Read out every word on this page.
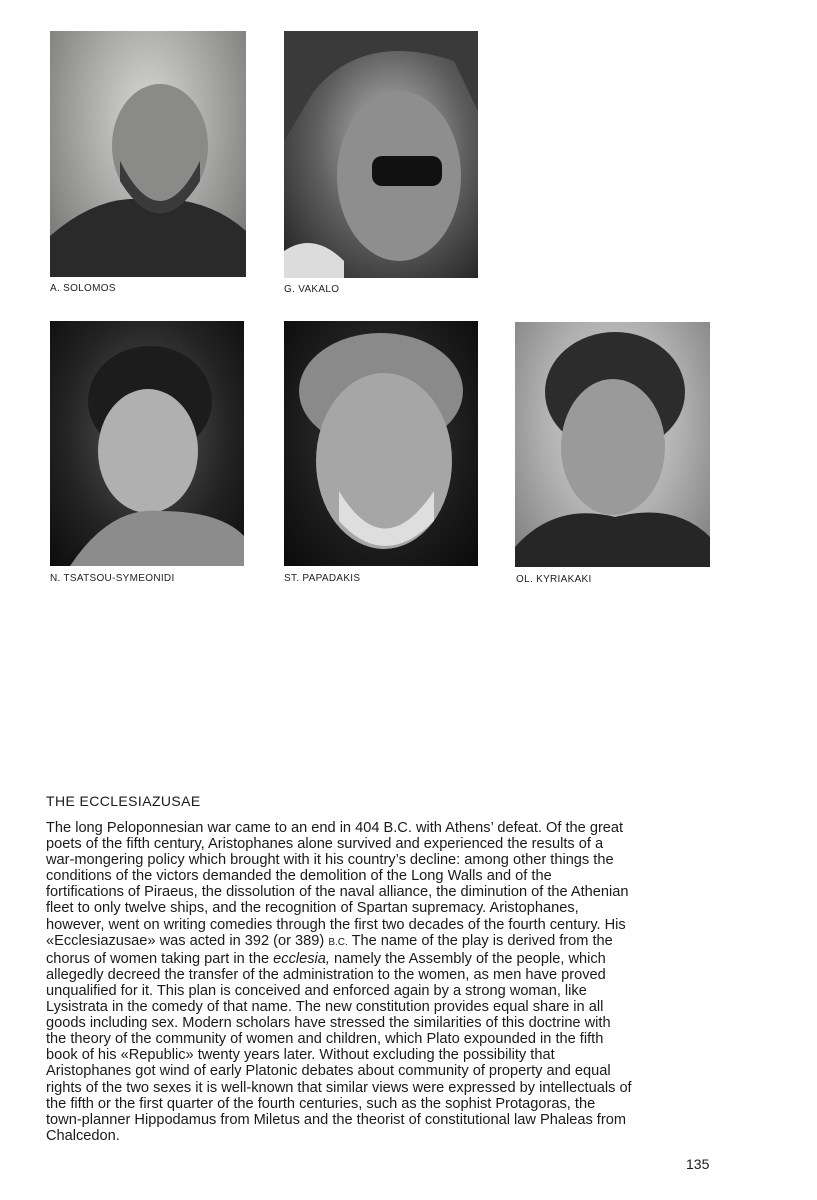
A. SOLOMOS	G. VAKALO
N. TSATSOU-SYMEONIDI	ST. PAPADAKIS	OL. KYRIAKAKI
THE ECCLESIAZUSAE

The long Peloponnesian war came to an end in 404 B.C. with Athens’ defeat. Of the great
poets of the fifth century, Aristophanes alone survived and experienced the results of a
war-mongering policy which brought with it his country’s decline: among other things the
conditions of the victors demanded the demolition of the Long Walls and of the
fortifications of Piraeus, the dissolution of the naval alliance, the diminution of the Athenian
fleet to only twelve ships, and the recognition of Spartan supremacy. Aristophanes,
however, went on writing comedies through the first two decades of the fourth century. His
«Ecclesiazusae» was acted in 392 (or 389) B.C. The name of the play is derived from the
chorus of women taking part in the ecclesia, namely the Assembly of the people, which
allegedly decreed the transfer of the administration to the women, as men have proved
unqualified for it. This plan is conceived and enforced again by a strong woman, like
Lysistrata in the comedy of that name. The new constitution provides equal share in all
goods including sex. Modern scholars have stressed the similarities of this doctrine with
the theory of the community of women and children, which Plato expounded in the fifth
book of his «Republic» twenty years later. Without excluding the possibility that
Aristophanes got wind of early Platonic debates about community of property and equal
rights of the two sexes it is well-known that similar views were expressed by intellectuals of
the fifth or the first quarter of the fourth centuries, such as the sophist Protagoras, the
town-planner Hippodamus from Miletus and the theorist of constitutional law Phaleas from
Chalcedon.

135
